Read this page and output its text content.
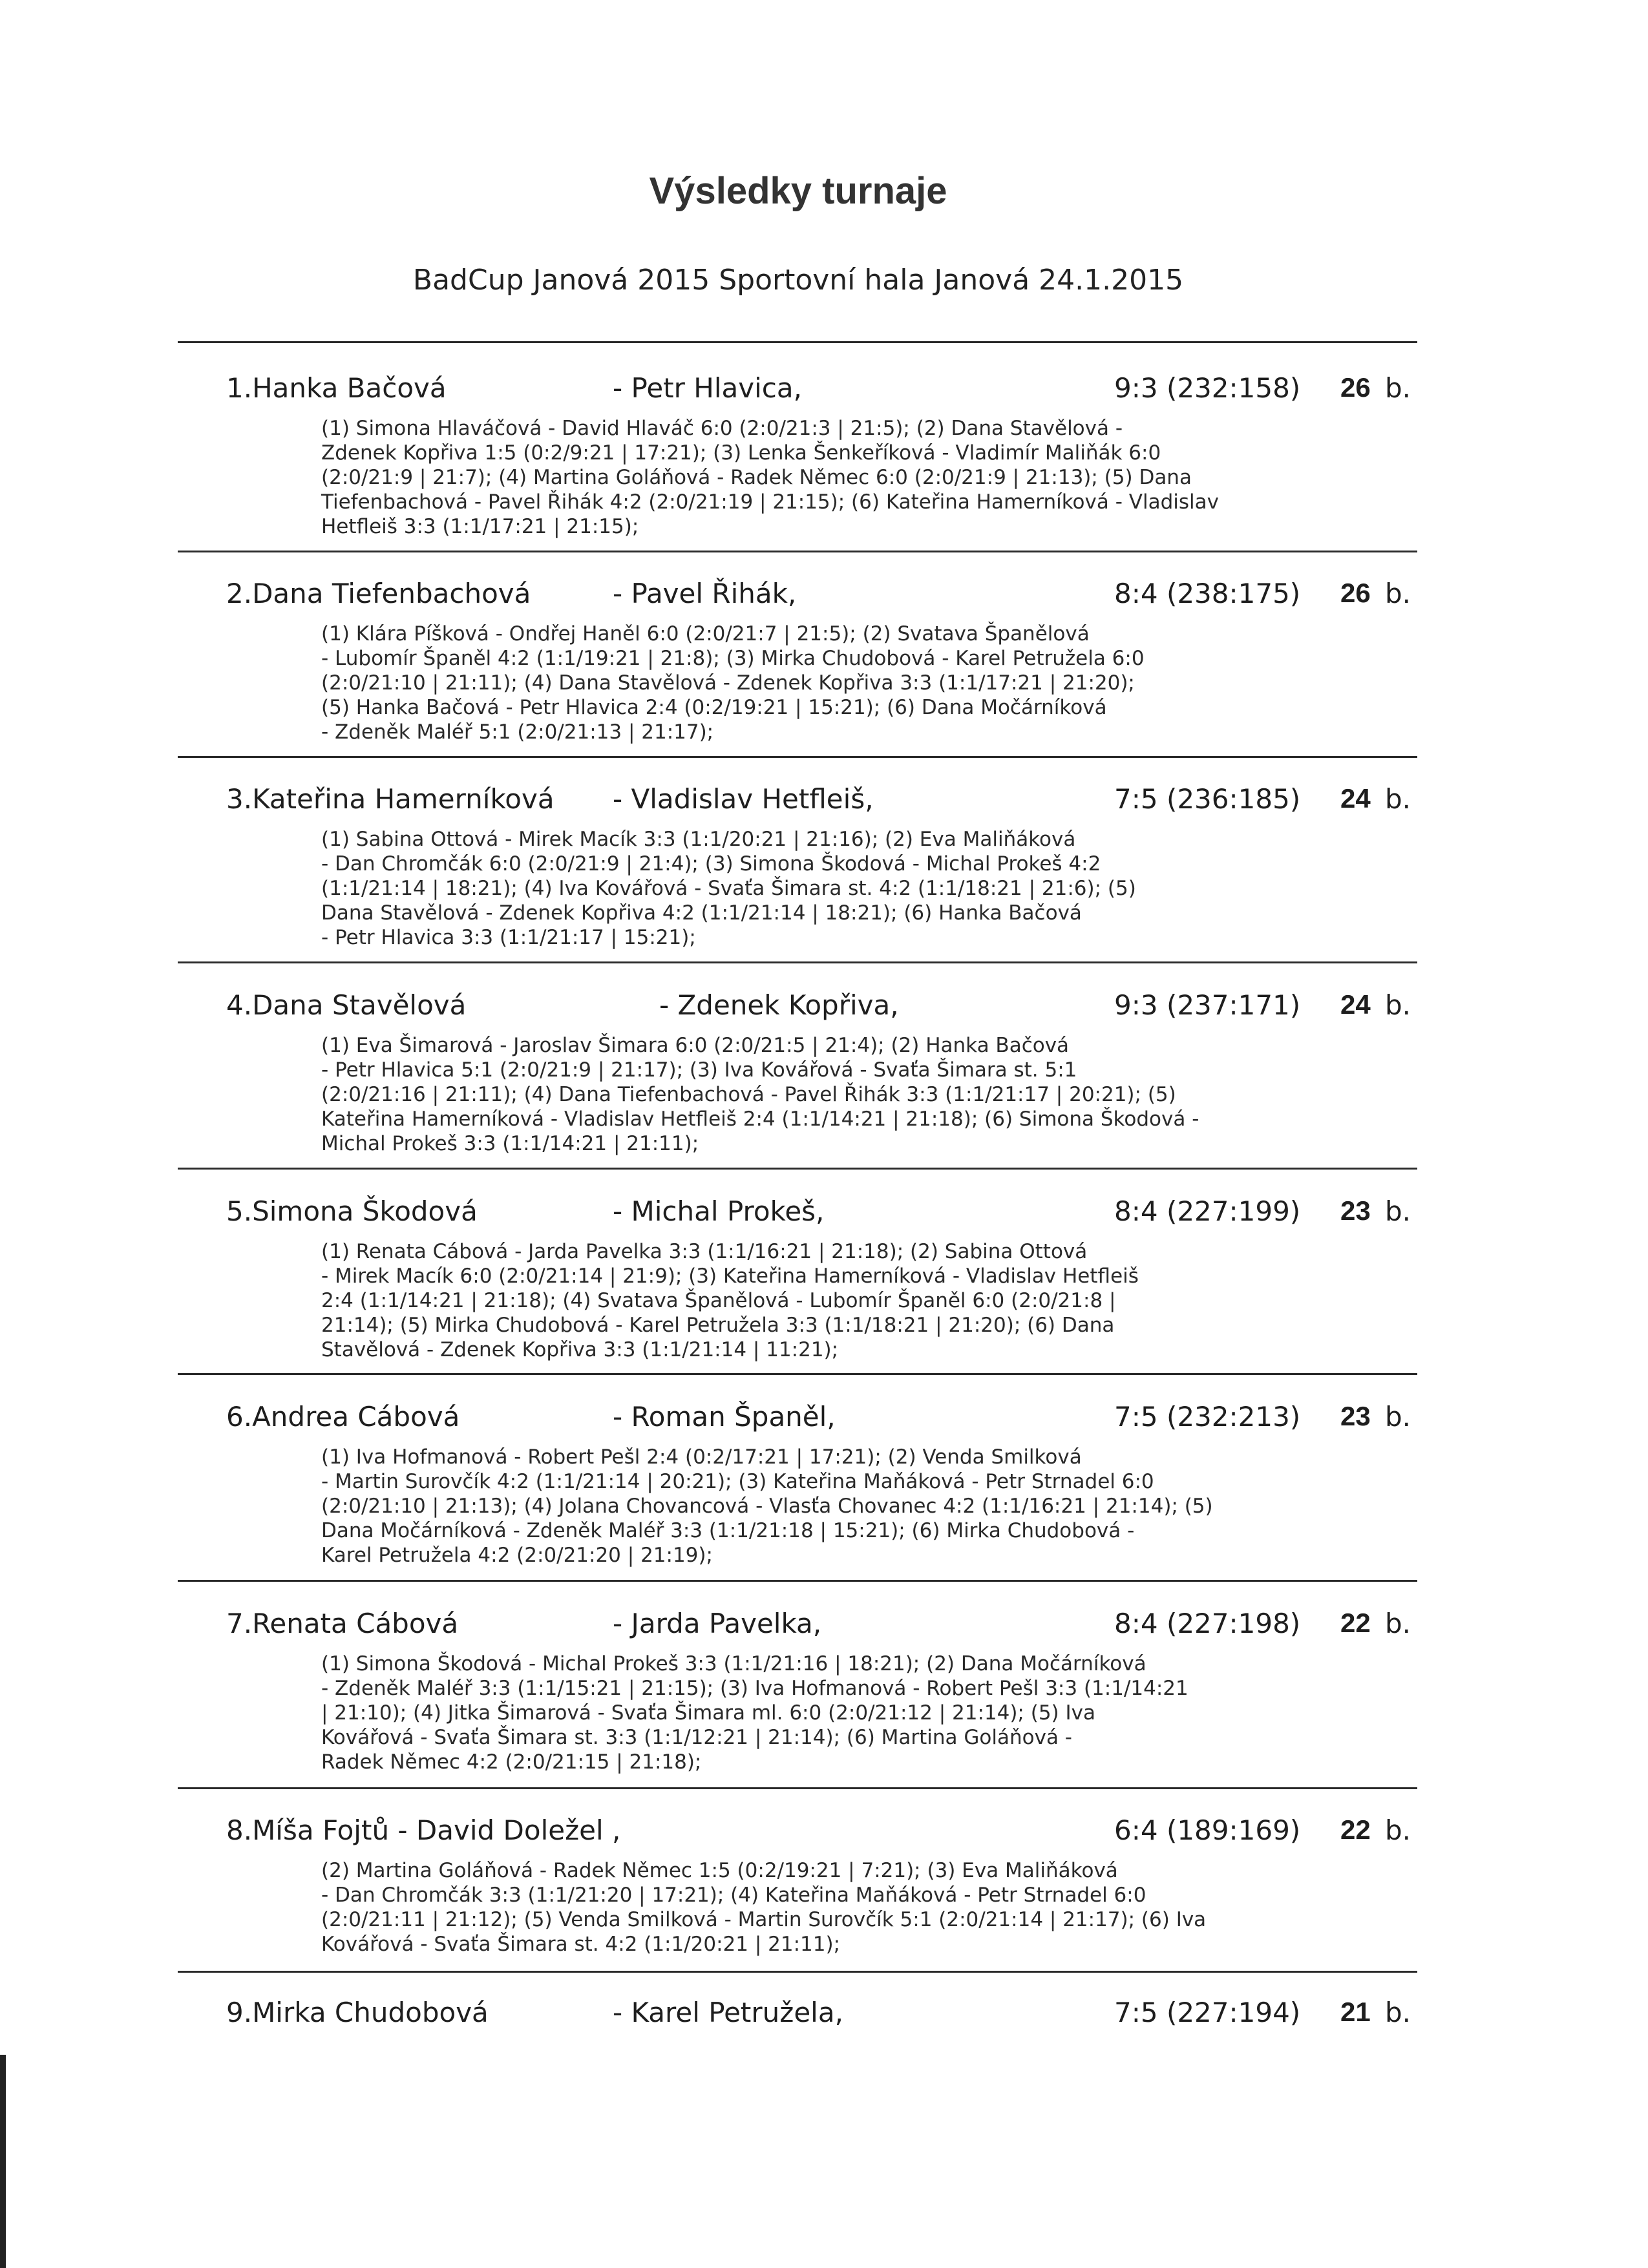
Výsledky turnaje
BadCup Janová 2015 Sportovní hala Janová 24.1.2015
1.Hanka Bačová	- Petr Hlavica,	9:3 (232:158) 26 b.

(1) Simona Hlaváčová - David Hlaváč 6:0 (2:0/21:3 | 21:5); (2) Dana Stavělová -

Zdenek Kopřiva 1:5 (0:2/9:21 | 17:21); (3) Lenka Šenkeříková - Vladimír Maliňák 6:0

(2:0/21:9 | 21:7); (4) Martina Goláňová - Radek Němec 6:0 (2:0/21:9 | 21:13); (5) Dana

Tiefenbachová - Pavel Řihák 4:2 (2:0/21:19 | 21:15); (6) Kateřina Hamerníková - Vladislav

Hetfleiš 3:3 (1:1/17:21 | 21:15);

2.Dana Tiefenbachová	- Pavel Řihák,	8:4 (238:175) 26 b.

(1) Klára Píšková - Ondřej Haněl 6:0 (2:0/21:7 | 21:5); (2) Svatava Španělová

- Lubomír Španěl 4:2 (1:1/19:21 | 21:8); (3) Mirka Chudobová - Karel Petružela 6:0

(2:0/21:10 | 21:11); (4) Dana Stavělová - Zdenek Kopřiva 3:3 (1:1/17:21 | 21:20);

(5) Hanka Bačová - Petr Hlavica 2:4 (0:2/19:21 | 15:21); (6) Dana Močárníková

- Zdeněk Maléř 5:1 (2:0/21:13 | 21:17);

3.Kateřina Hamerníková - Vladislav Hetfleiš,	7:5 (236:185) 24 b.

(1) Sabina Ottová - Mirek Macík 3:3 (1:1/20:21 | 21:16); (2) Eva Maliňáková

- Dan Chromčák 6:0 (2:0/21:9 | 21:4); (3) Simona Škodová - Michal Prokeš 4:2

(1:1/21:14 | 18:21); (4) Iva Kovářová - Svaťa Šimara st. 4:2 (1:1/18:21 | 21:6); (5)

Dana Stavělová - Zdenek Kopřiva 4:2 (1:1/21:14 | 18:21); (6) Hanka Bačová

- Petr Hlavica 3:3 (1:1/21:17 | 15:21);

4.Dana Stavělová	- Zdenek Kopřiva,	9:3 (237:171) 24 b.

(1) Eva Šimarová - Jaroslav Šimara 6:0 (2:0/21:5 | 21:4); (2) Hanka Bačová

- Petr Hlavica 5:1 (2:0/21:9 | 21:17); (3) Iva Kovářová - Svaťa Šimara st. 5:1

(2:0/21:16 | 21:11); (4) Dana Tiefenbachová - Pavel Řihák 3:3 (1:1/21:17 | 20:21); (5)

Kateřina Hamerníková - Vladislav Hetfleiš 2:4 (1:1/14:21 | 21:18); (6) Simona Škodová -

Michal Prokeš 3:3 (1:1/14:21 | 21:11);

5.Simona Škodová	- Michal Prokeš,	8:4 (227:199) 23 b.

(1) Renata Cábová - Jarda Pavelka 3:3 (1:1/16:21 | 21:18); (2) Sabina Ottová

- Mirek Macík 6:0 (2:0/21:14 | 21:9); (3) Kateřina Hamerníková - Vladislav Hetfleiš

2:4 (1:1/14:21 | 21:18); (4) Svatava Španělová - Lubomír Španěl 6:0 (2:0/21:8 |

21:14); (5) Mirka Chudobová - Karel Petružela 3:3 (1:1/18:21 | 21:20); (6) Dana

Stavělová - Zdenek Kopřiva 3:3 (1:1/21:14 | 11:21);

6.Andrea Cábová	- Roman Španěl,	7:5 (232:213) 23 b.

(1) Iva Hofmanová - Robert Pešl 2:4 (0:2/17:21 | 17:21); (2) Venda Smilková

- Martin Surovčík 4:2 (1:1/21:14 | 20:21); (3) Kateřina Maňáková - Petr Strnadel 6:0

(2:0/21:10 | 21:13); (4) Jolana Chovancová - Vlasťa Chovanec 4:2 (1:1/16:21 | 21:14); (5)

Dana Močárníková - Zdeněk Maléř 3:3 (1:1/21:18 | 15:21); (6) Mirka Chudobová -

Karel Petružela 4:2 (2:0/21:20 | 21:19);

7.Renata Cábová	- Jarda Pavelka,	8:4 (227:198) 22 b.

(1) Simona Škodová - Michal Prokeš 3:3 (1:1/21:16 | 18:21); (2) Dana Močárníková

- Zdeněk Maléř 3:3 (1:1/15:21 | 21:15); (3) Iva Hofmanová - Robert Pešl 3:3 (1:1/14:21

| 21:10); (4) Jitka Šimarová - Svaťa Šimara ml. 6:0 (2:0/21:12 | 21:14); (5) Iva

Kovářová - Svaťa Šimara st. 3:3 (1:1/12:21 | 21:14); (6) Martina Goláňová -

Radek Němec 4:2 (2:0/21:15 | 21:18);

8.Míša Fojtů - David Doležel ,	6:4 (189:169) 22 b.

(2) Martina Goláňová - Radek Němec 1:5 (0:2/19:21 | 7:21); (3) Eva Maliňáková

- Dan Chromčák 3:3 (1:1/21:20 | 17:21); (4) Kateřina Maňáková - Petr Strnadel 6:0

(2:0/21:11 | 21:12); (5) Venda Smilková - Martin Surovčík 5:1 (2:0/21:14 | 21:17); (6) Iva

Kovářová - Svaťa Šimara st. 4:2 (1:1/20:21 | 21:11);

9.Mirka Chudobová	- Karel Petružela,	7:5 (227:194) 21 b.
